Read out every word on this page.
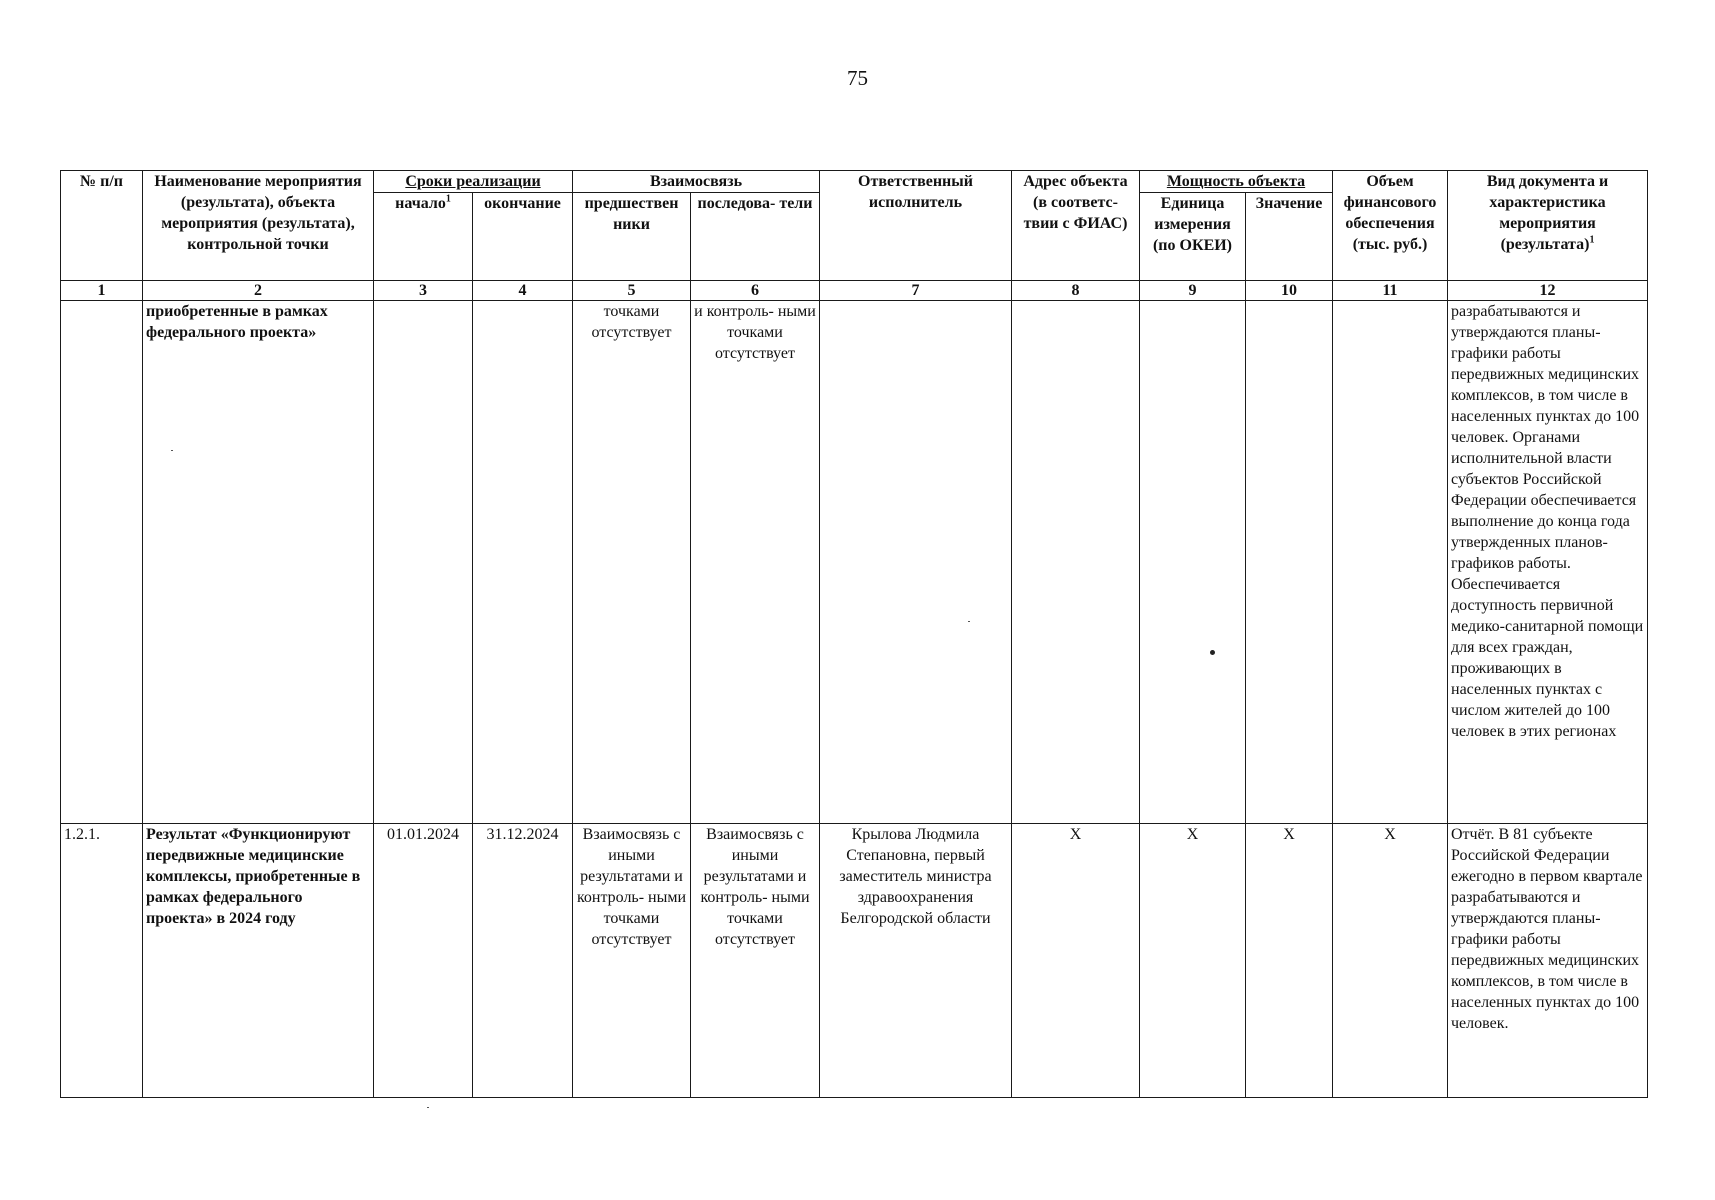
75
№ п/п	Наименование мероприятия (результата), объекта мероприятия (результата), контрольной точки	Сроки реализации		Взаимосвязь		Ответственный исполнитель	Адрес объекта (в соответс- твии с ФИАС)	Мощность объекта		Объем финансового обеспечения (тыс. руб.)	Вид документа и характеристика мероприятия (результата)$^1$
		начало$^1$	окончание	предшествен ники	последова- тели			Единица измерения (по ОКЕИ)	Значение		
1	2	3	4	5	6	7	8	9	10	11	12
	приобретенные в рамках федерального проекта»			точками отсутствует	и контроль- ными точками отсутствует						разрабатываются и утверждаются планы-графики работы передвижных медицинских комплексов, в том числе в населенных пунктах до 100 человек. Органами исполнительной власти субъектов Российской Федерации обеспечивается выполнение до конца года утвержденных планов-графиков работы. Обеспечивается доступность первичной медико-санитарной помощи для всех граждан, проживающих в населенных пунктах с числом жителей до 100 человек в этих регионах
1.2.1.	Результат «Функционируют передвижные медицинские комплексы, приобретенные в рамках федерального проекта» в 2024 году	01.01.2024	31.12.2024	Взаимосвязь с иными результатами и контроль- ными точками отсутствует	Взаимосвязь с иными результатами и контроль- ными точками отсутствует	Крылова Людмила Степановна, первый заместитель министра здравоохранения Белгородской области	Х	Х	Х	Х	Отчёт. В 81 субъекте Российской Федерации ежегодно в первом квартале разрабатываются и утверждаются планы-графики работы передвижных медицинских комплексов, в том числе в населенных пунктах до 100 человек.
